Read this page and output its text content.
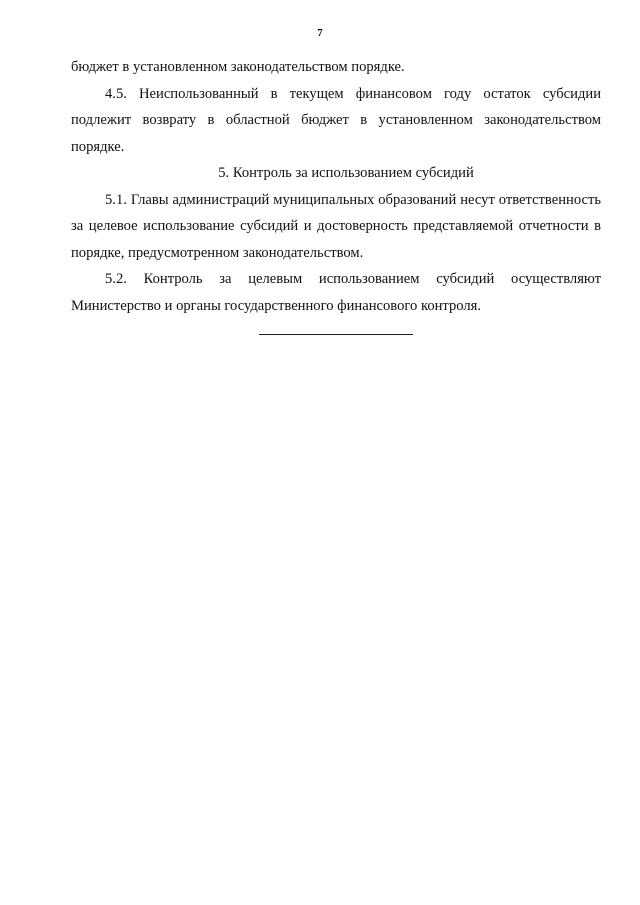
7

бюджет в установленном законодательством порядке.

4.5. Неиспользованный в текущем финансовом году остаток субсидии подлежит возврату в областной бюджет в установленном законодательством порядке.

5. Контроль за использованием субсидий

5.1. Главы администраций муниципальных образований несут ответственность за целевое использование субсидий и достоверность представляемой отчетности в порядке, предусмотренном законодательством.

5.2. Контроль за целевым использованием субсидий осуществляют Министерство и органы государственного финансового контроля.
